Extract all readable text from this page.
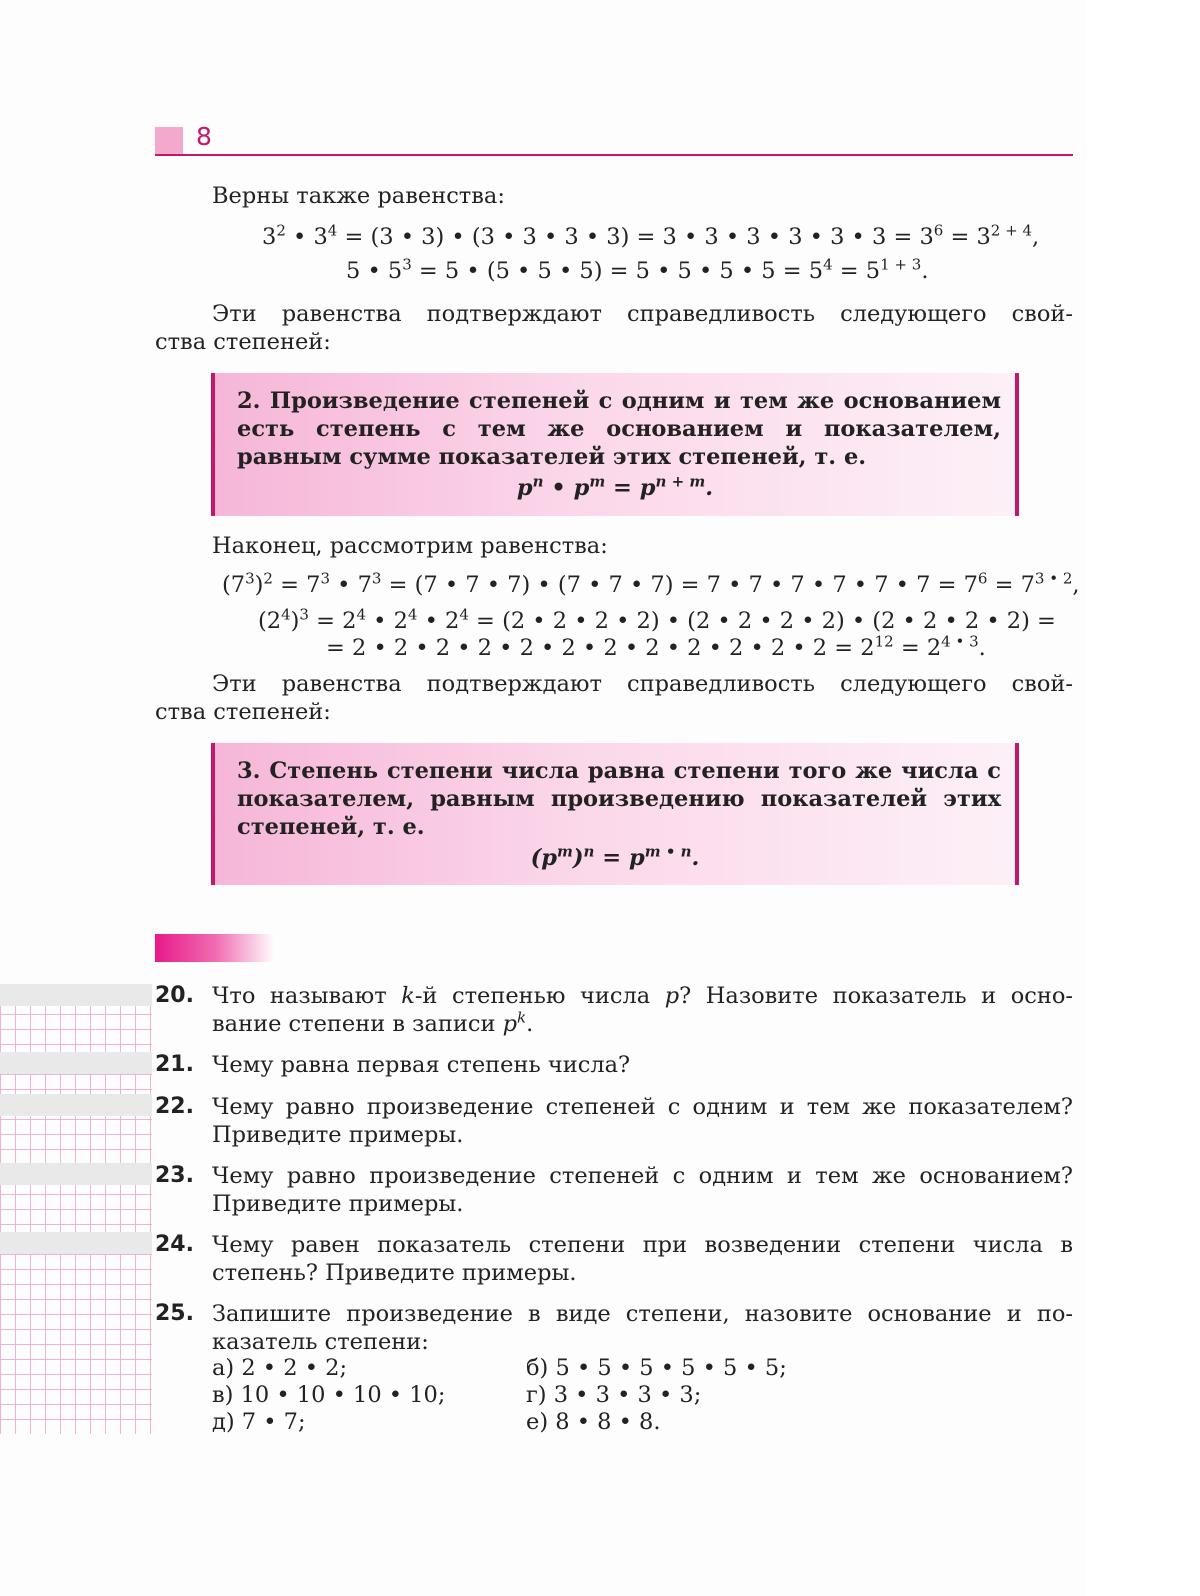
8

Верны также равенства:

$3^2$ • $3^4 = (3$ • 3) • (3 • 3 • 3 • 3) = 3 • 3 • 3 • 3 • 3 • $3 = 3^6 = 3^{2 + 4}$,
5 • $5^3 = 5$ • (5 • 5 • 5) = 5 • 5 • 5 • $5 = 5^4 = 5^{1 + 3}$.

Эти равенства подтверждают справедливость следующего свой-

ства степеней:

2. Произведение степеней с одним и тем же основанием есть степень с тем же основанием и показателем, равным сумме показателей этих степеней, т. е.

$p^n$ • $p^m = p^{n + m}$.

Наконец, рассмотрим равенства:

$(7^3)^2 = 7^3$ • $7^3 = (7$ • 7 • 7) • (7 • 7 • 7) = 7 • 7 • 7 • 7 • 7 • $7 = 7^6 = 7^{3 • 2}$,
$(2^4)^3 = 2^4$ • $2^4$ • $2^4 = (2$ • 2 • 2 • 2) • (2 • 2 • 2 • 2) • (2 • 2 • 2 • 2) =
= 2 • 2 • 2 • 2 • 2 • 2 • 2 • 2 • 2 • 2 • 2 • $2 = 2^{12} = 2^{4 • 3}$.

Эти равенства подтверждают справедливость следующего свой-

ства степеней:

3. Степень степени числа равна степени того же числа с показателем, равным произведению показателей этих степеней, т. е.

$(p^m)^n = p^{m • n}$.
20. Что называют k-й степенью числа p? Назовите показатель и осно-
вание степени в записи $p^k$.
21. Чему равна первая степень числа?

22. Чему равно произведение степеней с одним и тем же показателем? Приведите примеры.

23. Чему равно произведение степеней с одним и тем же основанием? Приведите примеры.

24. Чему равен показатель степени при возведении степени числа в степень? Приведите примеры.

25. Запишите произведение в виде степени, назовите основание и по-
казатель степени:
а) 2 • 2 • 2;	б) 5 • 5 • 5 • 5 • 5 • 5;
в) 10 • 10 • 10 • 10;	г) 3 • 3 • 3 • 3;
д) 7 • 7;	е) 8 • 8 • 8.
